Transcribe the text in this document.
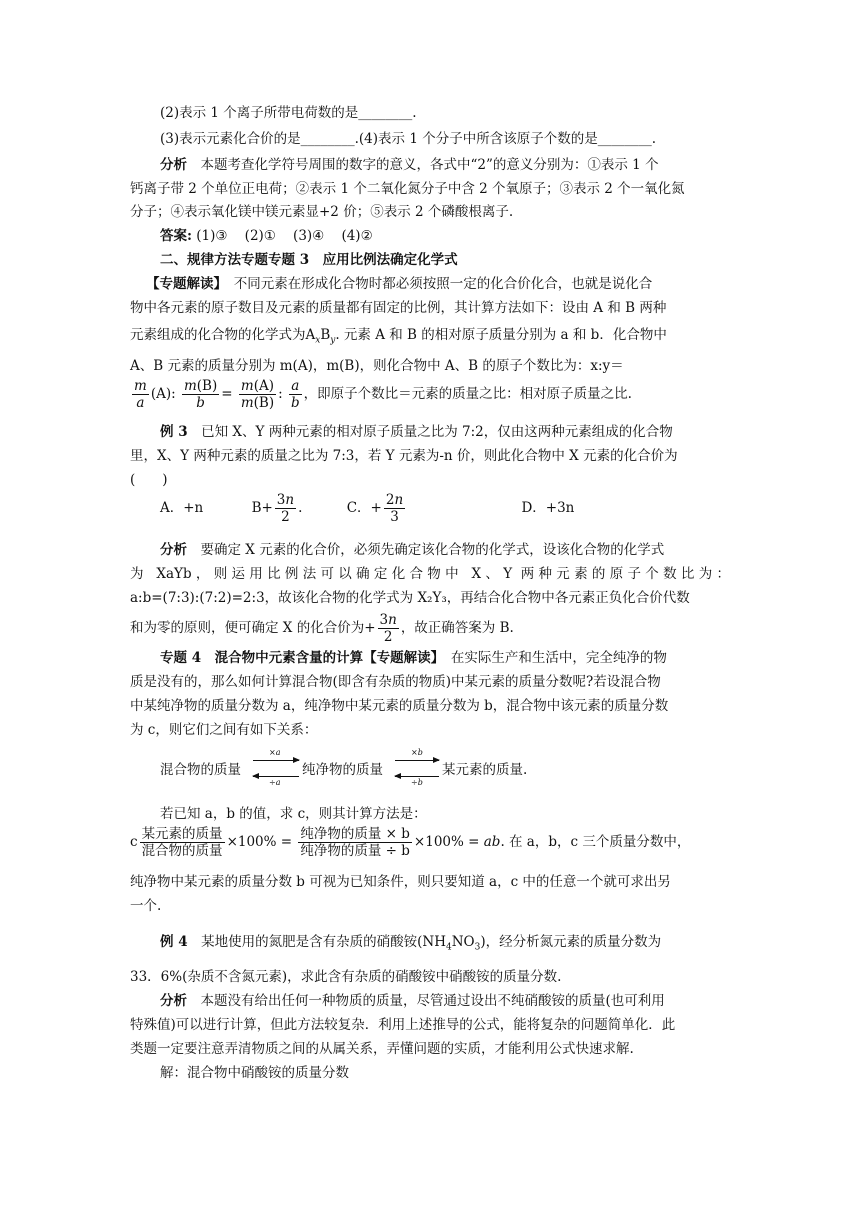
(2)表示 1 个离子所带电荷数的是________.
(3)表示元素化合价的是________.(4)表示 1 个分子中所含该原子个数的是________.
分析　 本题考查化学符号周围的数字的意义，各式中“2”的意义分别为：①表示 1 个
钙离子带 2 个单位正电荷；②表示 1 个二氧化氮分子中含 2 个氧原子；③表示 2 个一氧化氮
分子；④表示氧化镁中镁元素显+2 价；⑤表示 2 个磷酸根离子.
答案: (1)③    (2)①    (3)④    (4)②
二、规律方法专题专题 3　应用比例法确定化学式
【专题解读】　 不同元素在形成化合物时都必须按照一定的化合价化合，也就是说化合
物中各元素的原子数目及元素的质量都有固定的比例，其计算方法如下：设由 A 和 B 两种
元素组成的化合物的化学式为$A_xB_y$. 元素 A 和 B 的相对原子质量分别为 a 和 b．化合物中
A、B 元素的质量分别为 m(A)，m(B)，则化合物中 A、B 的原子个数比为：x:y＝
$\frac{m}{a} (A)$: $\frac{m(B)}{b} = \frac{m(A)}{m(B)}$ : $\frac{a}{b}$ ，即原子个数比＝元素的质量之比：相对原子质量之比.
例 3　 已知 X、Y 两种元素的相对原子质量之比为 7:2，仅由这两种元素组成的化合物
里，X、Y 两种元素的质量之比为 7:3，若 Y 元素为-n 价，则此化合物中 X 元素的化合价为
(　　)
A．+n	$B+ \frac{3n}{2}$ .	C．+ $\frac{2n}{3}$	D．+3n
分析　 要确定 X 元素的化合价，必须先确定该化合物的化学式，设该化合物的化学式
为 XaYb，则运用比例法可以确定化合物中 X、Y 两种元素的原子个数比为：
a:b=(7:3):(7:2)=2:3，故该化合物的化学式为 X₂Y₃，再结合化合物中各元素正负化合价代数
和为零的原则，便可确定 X 的化合价为+ $\frac{3n}{2}$ ，故正确答案为 B.
专题 4　混合物中元素含量的计算【专题解读】　 在实际生产和生活中，完全纯净的物
质是没有的，那么如何计算混合物(即含有杂质的物质)中某元素的质量分数呢?若设混合物
中某纯净物的质量分数为 a，纯净物中某元素的质量分数为 b，混合物中该元素的质量分数
为 c，则它们之间有如下关系：
混合物的质量
×a
÷a
纯净物的质量
×b
÷b
某元素的质量.
若已知 a，b 的值，求 c，则其计算方法是：
c $\frac{\text{某元素的质量}}{\text{混合物的质量}} \times 100\% = \frac{\text{纯净物的质量 × b}}{\text{纯净物的质量 ÷ b}} \times 100\%$ = ab. 在 a，b，c 三个质量分数中，
纯净物中某元素的质量分数 b 可视为已知条件，则只要知道 a，c 中的任意一个就可求出另
一个.
例 4　 某地使用的氮肥是含有杂质的硝酸铵$(NH_4NO_3)$，经分析氮元素的质量分数为
33．6%(杂质不含氮元素)，求此含有杂质的硝酸铵中硝酸铵的质量分数.
分析　 本题没有给出任何一种物质的质量，尽管通过设出不纯硝酸铵的质量(也可利用
特殊值)可以进行计算，但此方法较复杂．利用上述推导的公式，能将复杂的问题简单化．此
类题一定要注意弄清物质之间的从属关系，弄懂问题的实质，才能利用公式快速求解.
解：混合物中硝酸铵的质量分数
